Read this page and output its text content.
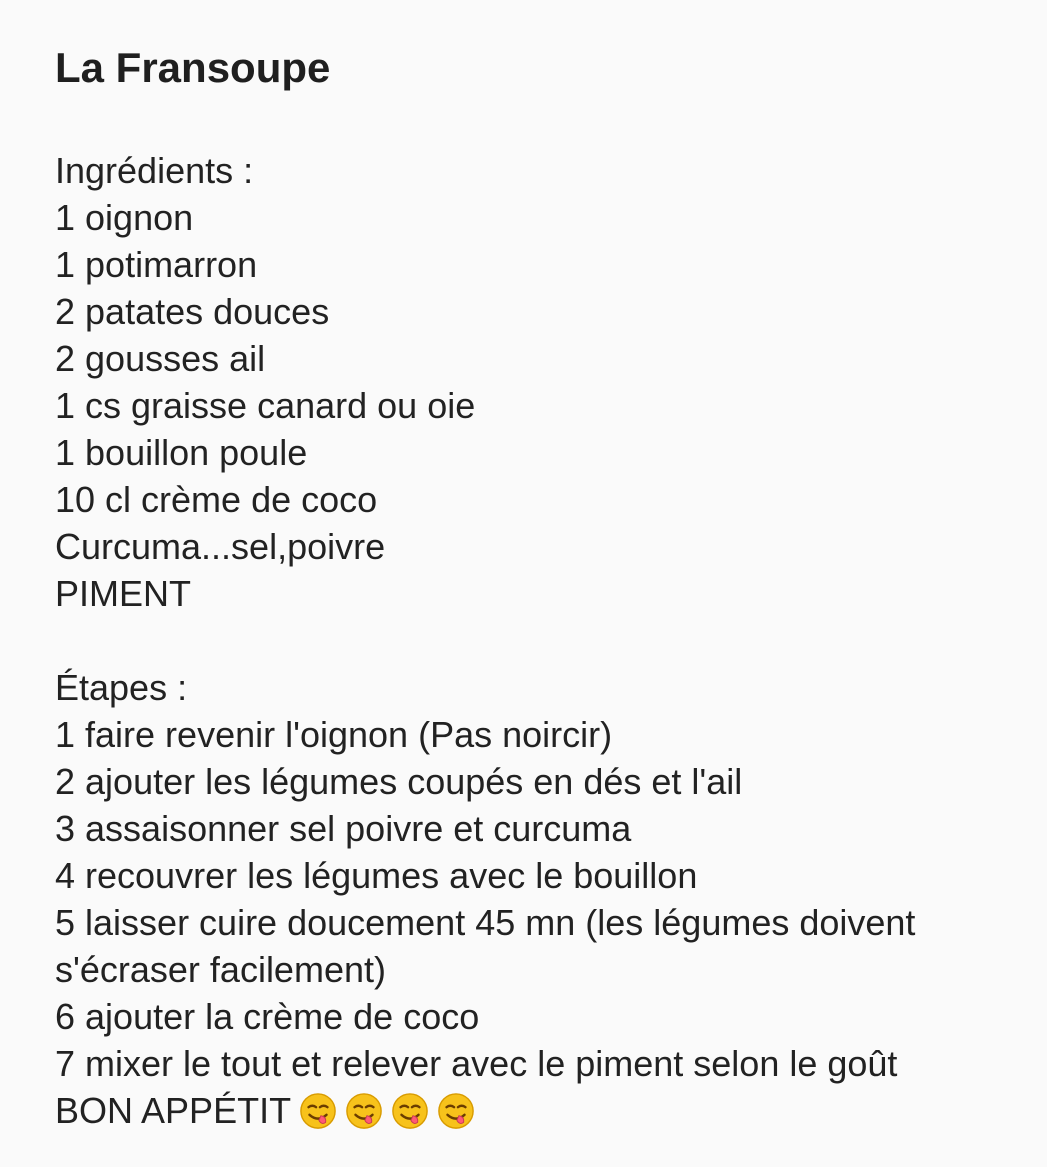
La Fransoupe
Ingrédients :
1 oignon
1 potimarron
2 patates douces
2 gousses ail
1 cs graisse canard ou oie
1 bouillon poule
10 cl crème de coco
Curcuma...sel,poivre
PIMENT
Étapes :
1 faire revenir l'oignon (Pas noircir)
2 ajouter les légumes coupés en dés et l'ail
3 assaisonner sel poivre et curcuma
4 recouvrer les légumes avec le bouillon
5 laisser cuire doucement 45 mn (les légumes doivent
s'écraser facilement)
6 ajouter la crème de coco
7 mixer le tout et relever avec le piment selon le goût
BON APPÉTIT
